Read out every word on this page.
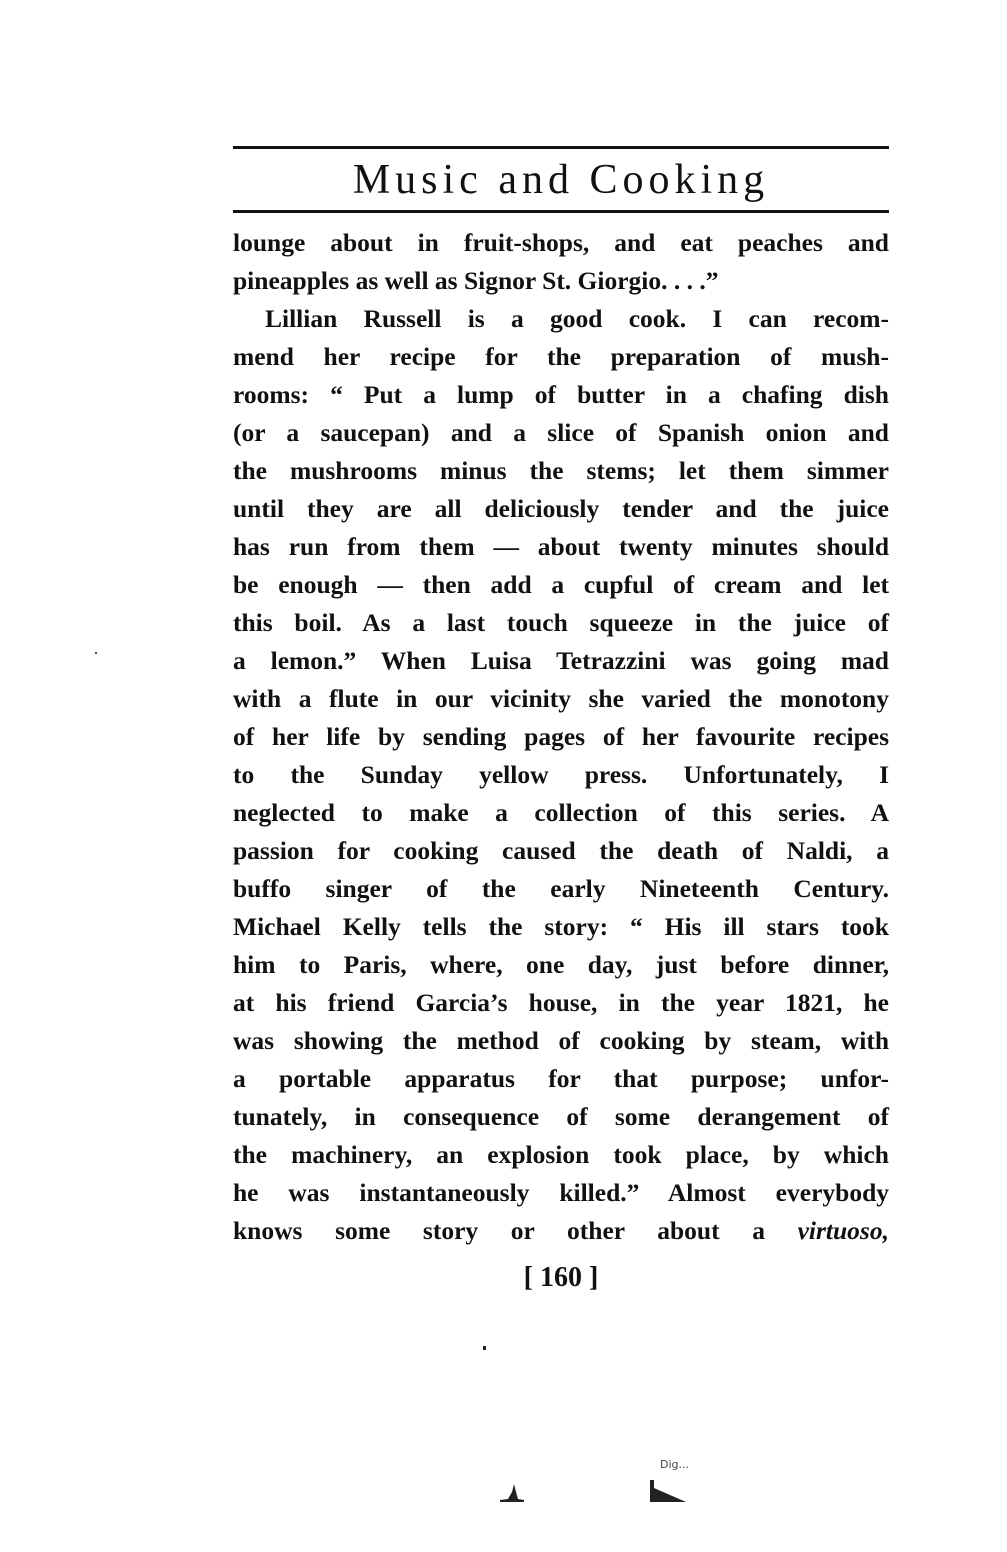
Music and Cooking
lounge about in fruit-shops, and eat peaches and
pineapples as well as Signor St. Giorgio. . . .”
Lillian Russell is a good cook. I can recom-
mend her recipe for the preparation of mush-
rooms: “ Put a lump of butter in a chafing dish
(or a saucepan) and a slice of Spanish onion and
the mushrooms minus the stems; let them simmer
until they are all deliciously tender and the juice
has run from them — about twenty minutes should
be enough — then add a cupful of cream and let
this boil. As a last touch squeeze in the juice of
a lemon.” When Luisa Tetrazzini was going mad
with a flute in our vicinity she varied the monotony
of her life by sending pages of her favourite recipes
to the Sunday yellow press. Unfortunately, I
neglected to make a collection of this series. A
passion for cooking caused the death of Naldi, a
buffo singer of the early Nineteenth Century.
Michael Kelly tells the story: “ His ill stars took
him to Paris, where, one day, just before dinner,
at his friend Garcia’s house, in the year 1821, he
was showing the method of cooking by steam, with
a portable apparatus for that purpose; unfor-
tunately, in consequence of some derangement of
the machinery, an explosion took place, by which
he was instantaneously killed.” Almost everybody
knows some story or other about a virtuoso,
[ 160 ]
Dig...
